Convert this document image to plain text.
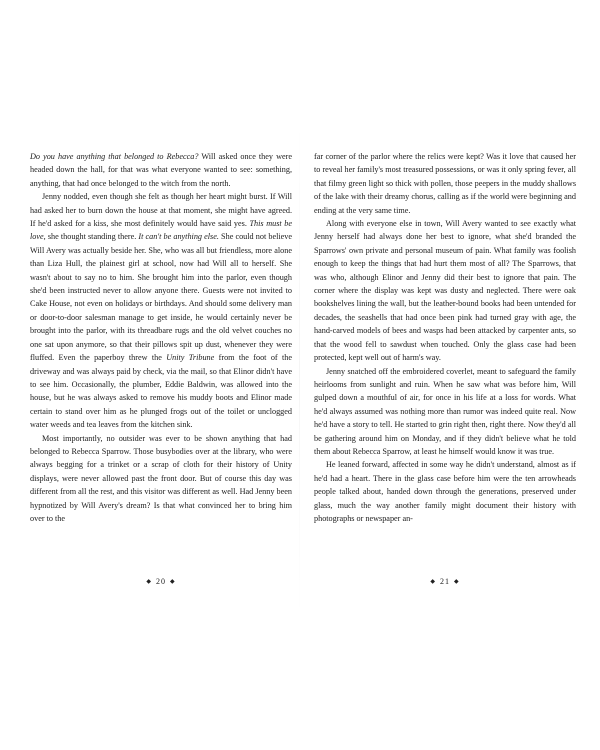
Do you have anything that belonged to Rebecca? Will asked once they were headed down the hall, for that was what everyone wanted to see: something, anything, that had once belonged to the witch from the north.

Jenny nodded, even though she felt as though her heart might burst. If Will had asked her to burn down the house at that moment, she might have agreed. If he'd asked for a kiss, she most definitely would have said yes. This must be love, she thought standing there. It can't be anything else. She could not believe Will Avery was actually beside her. She, who was all but friendless, more alone than Liza Hull, the plainest girl at school, now had Will all to herself. She wasn't about to say no to him. She brought him into the parlor, even though she'd been instructed never to allow anyone there. Guests were not invited to Cake House, not even on holidays or birthdays. And should some delivery man or door-to-door salesman manage to get inside, he would certainly never be brought into the parlor, with its threadbare rugs and the old velvet couches no one sat upon anymore, so that their pillows spit up dust, whenever they were fluffed. Even the paperboy threw the Unity Tribune from the foot of the driveway and was always paid by check, via the mail, so that Elinor didn't have to see him. Occasionally, the plumber, Eddie Baldwin, was allowed into the house, but he was always asked to remove his muddy boots and Elinor made certain to stand over him as he plunged frogs out of the toilet or unclogged water weeds and tea leaves from the kitchen sink.

Most importantly, no outsider was ever to be shown anything that had belonged to Rebecca Sparrow. Those busybodies over at the library, who were always begging for a trinket or a scrap of cloth for their history of Unity displays, were never allowed past the front door. But of course this day was different from all the rest, and this visitor was different as well. Had Jenny been hypnotized by Will Avery's dream? Is that what convinced her to bring him over to the

◆ 20 ◆

far corner of the parlor where the relics were kept? Was it love that caused her to reveal her family's most treasured possessions, or was it only spring fever, all that filmy green light so thick with pollen, those peepers in the muddy shallows of the lake with their dreamy chorus, calling as if the world were beginning and ending at the very same time.

Along with everyone else in town, Will Avery wanted to see exactly what Jenny herself had always done her best to ignore, what she'd branded the Sparrows' own private and personal museum of pain. What family was foolish enough to keep the things that had hurt them most of all? The Sparrows, that was who, although Elinor and Jenny did their best to ignore that pain. The corner where the display was kept was dusty and neglected. There were oak bookshelves lining the wall, but the leather-bound books had been untended for decades, the seashells that had once been pink had turned gray with age, the hand-carved models of bees and wasps had been attacked by carpenter ants, so that the wood fell to sawdust when touched. Only the glass case had been protected, kept well out of harm's way.

Jenny snatched off the embroidered coverlet, meant to safeguard the family heirlooms from sunlight and ruin. When he saw what was before him, Will gulped down a mouthful of air, for once in his life at a loss for words. What he'd always assumed was nothing more than rumor was indeed quite real. Now he'd have a story to tell. He started to grin right then, right there. Now they'd all be gathering around him on Monday, and if they didn't believe what he told them about Rebecca Sparrow, at least he himself would know it was true.

He leaned forward, affected in some way he didn't understand, almost as if he'd had a heart. There in the glass case before him were the ten arrowheads people talked about, handed down through the generations, preserved under glass, much the way another family might document their history with photographs or newspaper an-

◆ 21 ◆
